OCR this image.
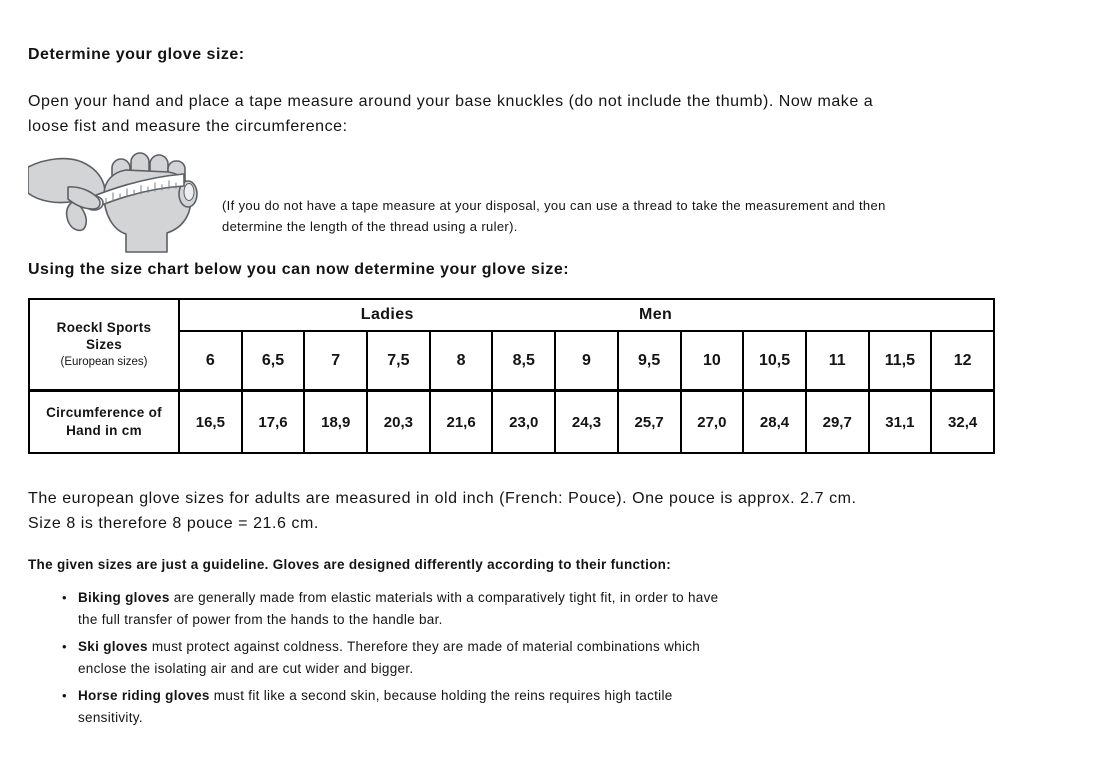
Determine your glove size:
Open your hand and place a tape measure around your base knuckles (do not include the thumb). Now make a
loose fist and measure the circumference:
(If you do not have a tape measure at your disposal, you can use a thread to take the measurement and then
determine the length of the thread using a ruler).
Using the size chart below you can now determine your glove size:
Roeckl Sports
Sizes
(European sizes)

Ladies	Men

	6	6,5	7	7,5	8	8,5	9	9,5	10	10,5	11	11,5	12

Circumference of
Hand in cm	16,5	17,6	18,9	20,3	21,6	23,0	24,3	25,7	27,0	28,4	29,7	31,1	32,4
The european glove sizes for adults are measured in old inch (French: Pouce). One pouce is approx. 2.7 cm.
Size 8 is therefore 8 pouce = 21.6 cm.

The given sizes are just a guideline. Gloves are designed differently according to their function:

• Biking gloves are generally made from elastic materials with a comparatively tight fit, in order to have
the full transfer of power from the hands to the handle bar.
• Ski gloves must protect against coldness. Therefore they are made of material combinations which
enclose the isolating air and are cut wider and bigger.
• Horse riding gloves must fit like a second skin, because holding the reins requires high tactile
sensitivity.
